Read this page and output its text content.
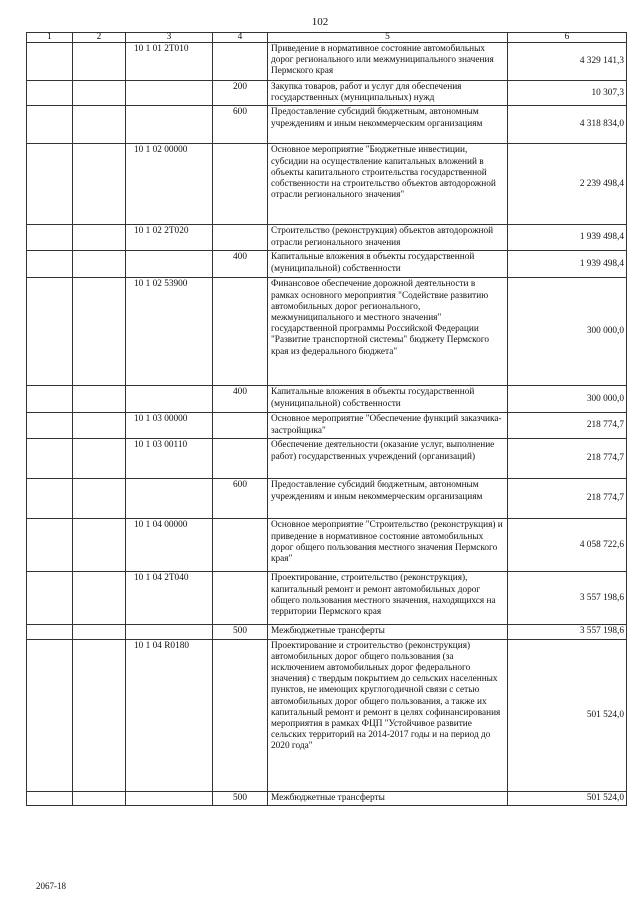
102
1	2	3	4	5	6
		10 1 01 2T010		Приведение в нормативное состояние автомобильных дорог регионального или межмуниципального значения Пермского края	4 329 141,3
			200	Закупка товаров, работ и услуг для обеспечения государственных (муниципальных) нужд	10 307,3
			600	Предоставление субсидий бюджетным, автономным учреждениям и иным некоммерческим организациям	4 318 834,0
		10 1 02 00000		Основное мероприятие "Бюджетные инвестиции, субсидии на осуществление капитальных вложений в объекты капитального строительства государственной собственности на строительство объектов автодорожной отрасли регионального значения"	2 239 498,4
		10 1 02 2T020		Строительство (реконструкция) объектов автодорожной отрасли регионального значения	1 939 498,4
			400	Капитальные вложения в объекты государственной (муниципальной) собственности	1 939 498,4
		10 1 02 53900		Финансовое обеспечение дорожной деятельности в рамках основного мероприятия "Содействие развитию автомобильных дорог регионального, межмуниципального и местного значения" государственной программы Российской Федерации "Развитие транспортной системы" бюджету Пермского края из федерального бюджета"	300 000,0
			400	Капитальные вложения в объекты государственной (муниципальной) собственности	300 000,0
		10 1 03 00000		Основное мероприятие "Обеспечение функций заказчика-застройщика"	218 774,7
		10 1 03 00110		Обеспечение деятельности (оказание услуг, выполнение работ) государственных учреждений (организаций)	218 774,7
			600	Предоставление субсидий бюджетным, автономным учреждениям и иным некоммерческим организациям	218 774,7
		10 1 04 00000		Основное мероприятие "Строительство (реконструкция) и приведение в нормативное состояние автомобильных дорог общего пользования местного значения Пермского края"	4 058 722,6
		10 1 04 2T040		Проектирование, строительство (реконструкция), капитальный ремонт и ремонт автомобильных дорог общего пользования местного значения, находящихся на территории Пермского края	3 557 198,6
			500	Межбюджетные трансферты	3 557 198,6
		10 1 04 R0180		Проектирование и строительство (реконструкция) автомобильных дорог общего пользования (за исключением автомобильных дорог федерального значения) с твердым покрытием до сельских населенных пунктов, не имеющих круглогодичной связи с сетью автомобильных дорог общего пользования, а также их капитальный ремонт и ремонт в целях софинансирования мероприятия в рамках ФЦП "Устойчивое развитие сельских территорий на 2014-2017 годы и на период до 2020 года"	501 524,0
			500	Межбюджетные трансферты	501 524,0
2067-18
